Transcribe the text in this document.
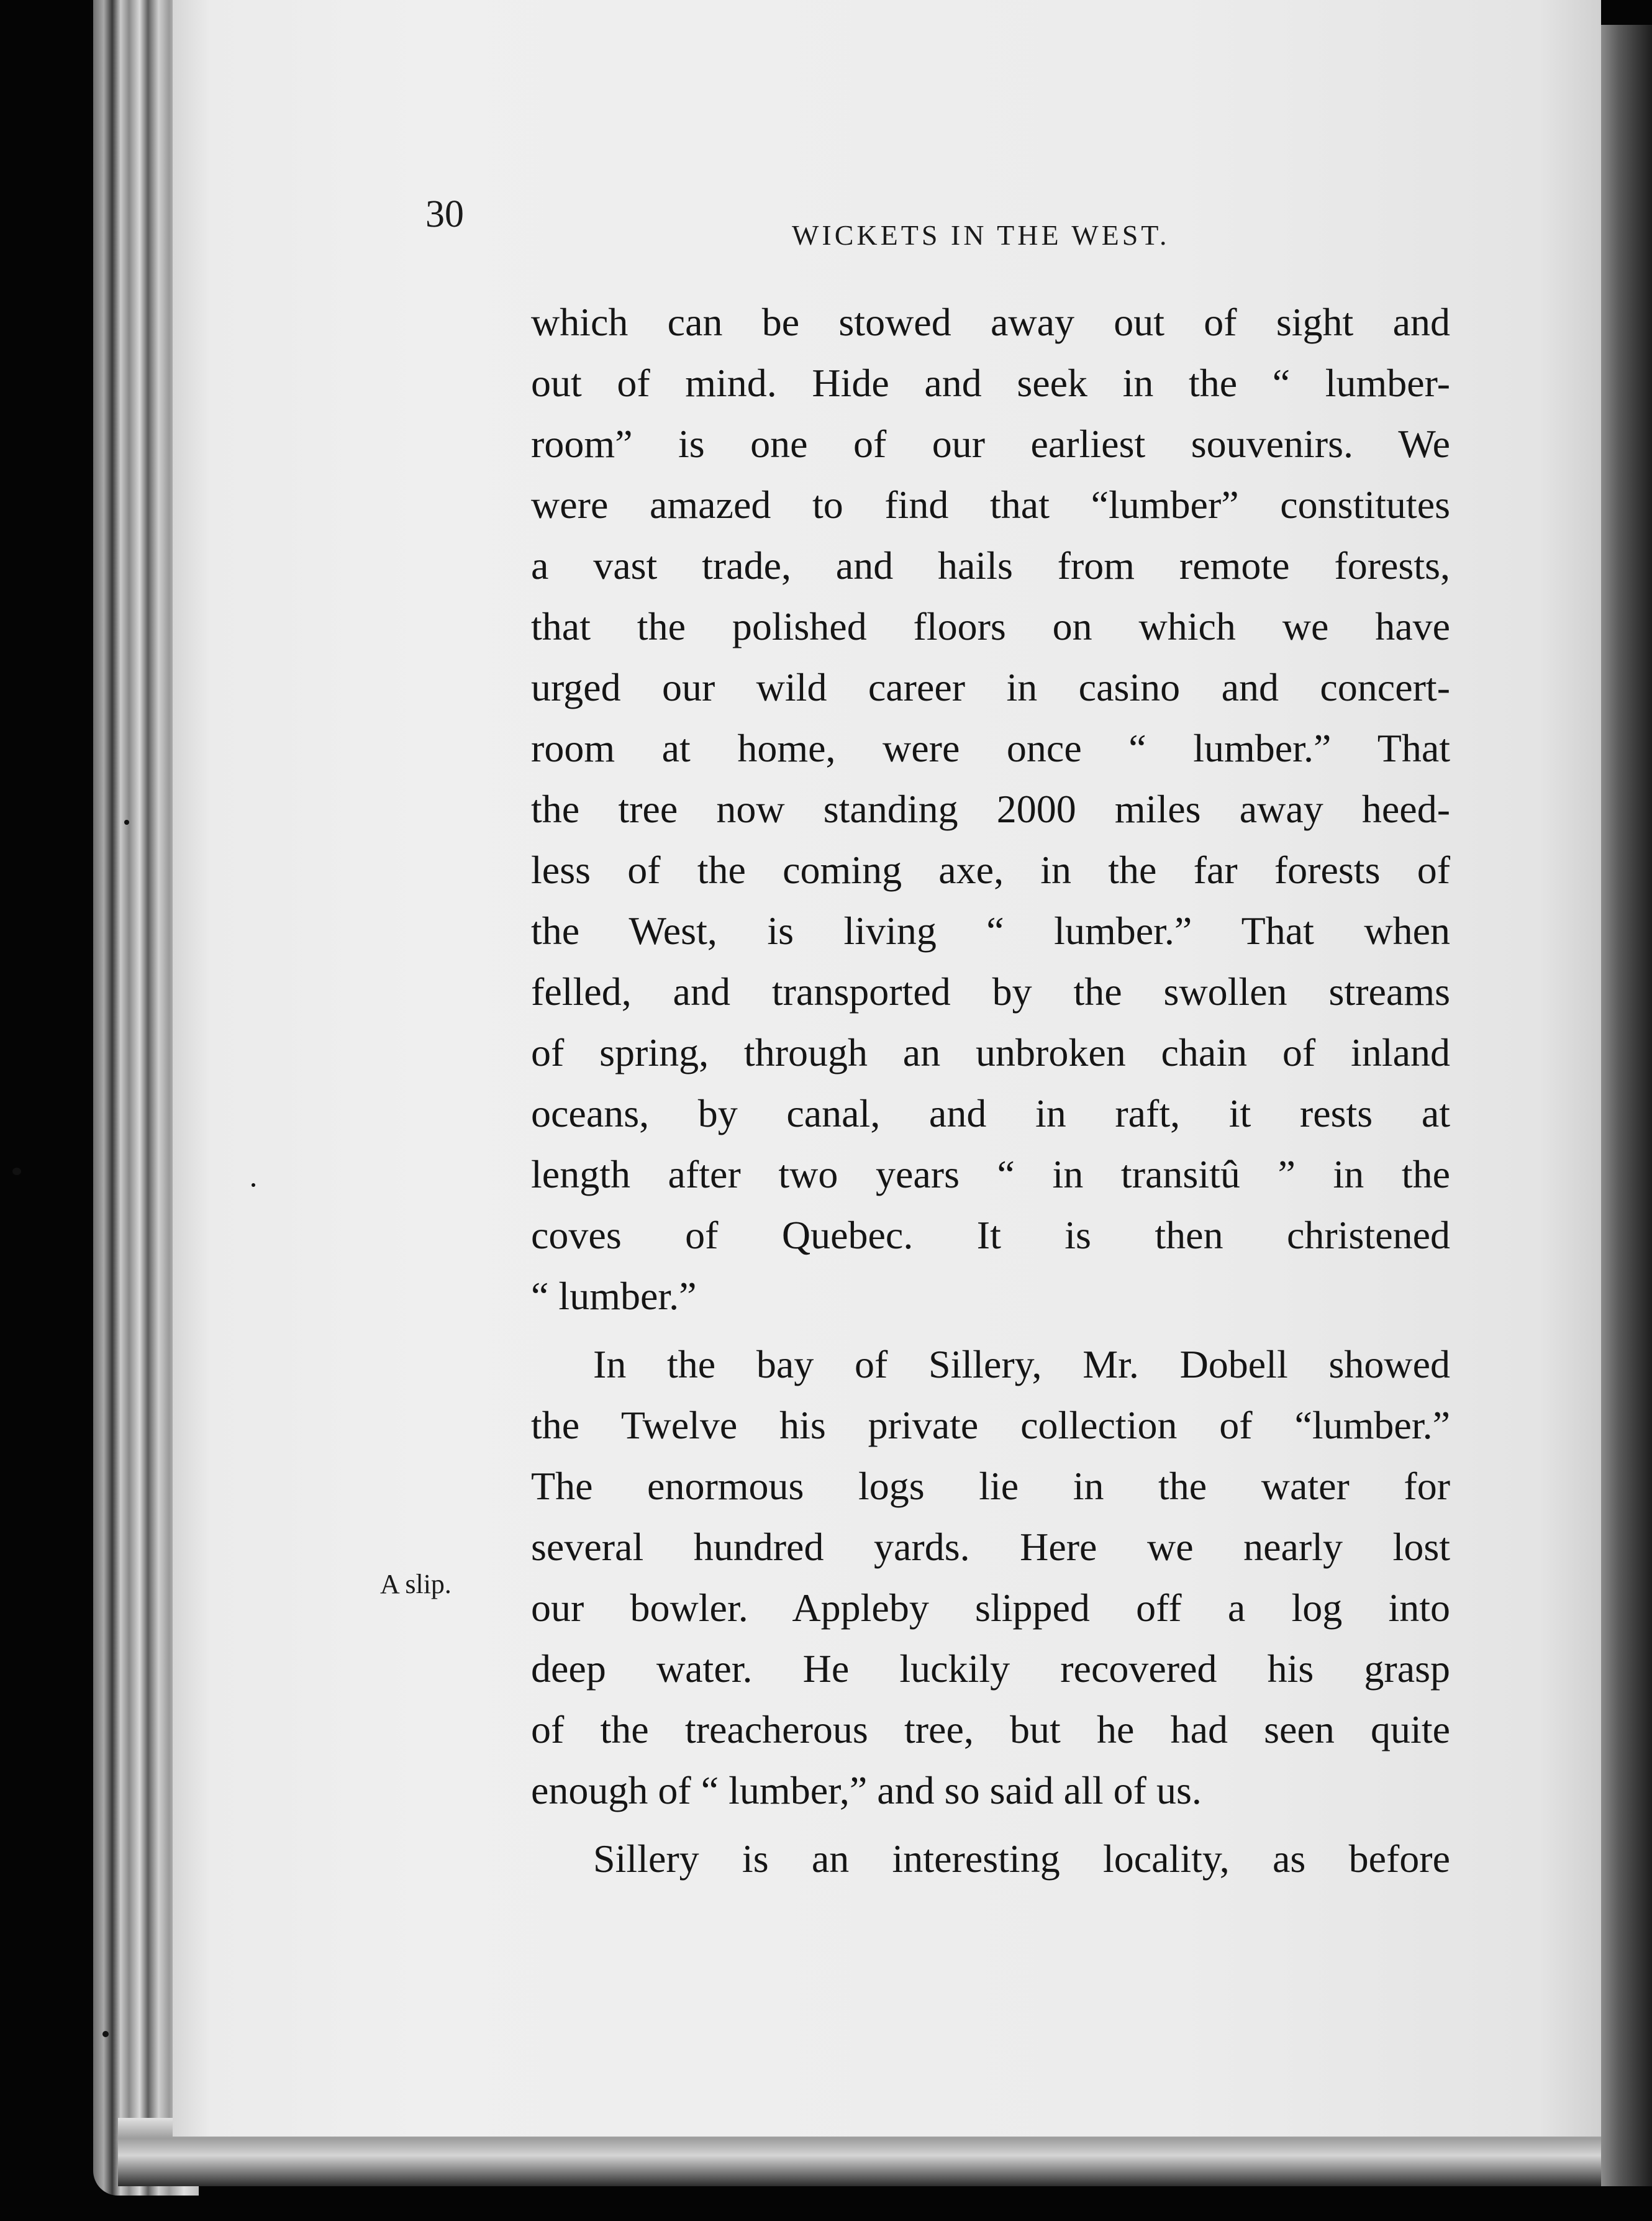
30	WICKETS IN THE WEST.
which can be stowed away out of sight and
out of mind. Hide and seek in the “ lumber-
room” is one of our earliest souvenirs. We
were amazed to find that “lumber” constitutes
a vast trade, and hails from remote forests,
that the polished floors on which we have
urged our wild career in casino and concert-
room at home, were once “ lumber.” That
the tree now standing 2000 miles away heed-
less of the coming axe, in the far forests of
the West, is living “ lumber.” That when
felled, and transported by the swollen streams
of spring, through an unbroken chain of inland
oceans, by canal, and in raft, it rests at
length after two years “ in transitû ” in the
coves of Quebec. It is then christened
“ lumber.”
In the bay of Sillery, Mr. Dobell showed
the Twelve his private collection of “lumber.”
The enormous logs lie in the water for
several hundred yards. Here we nearly lost
our bowler. Appleby slipped off a log into
deep water. He luckily recovered his grasp
of the treacherous tree, but he had seen quite
enough of “ lumber,” and so said all of us.
Sillery is an interesting locality, as before
A slip.
